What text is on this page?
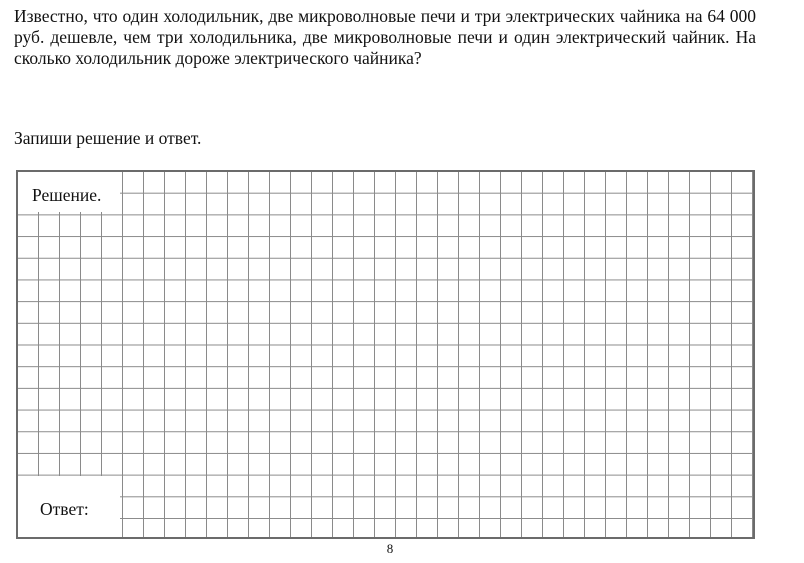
Известно, что один холодильник, две микроволновые печи и три электрических чайника на 64 000 руб. дешевле, чем три холодильника, две микроволновые печи и один электрический чайник. На сколько холодильник дороже электрического чайника?

Запиши решение и ответ.

Решение.
Ответ:
8
